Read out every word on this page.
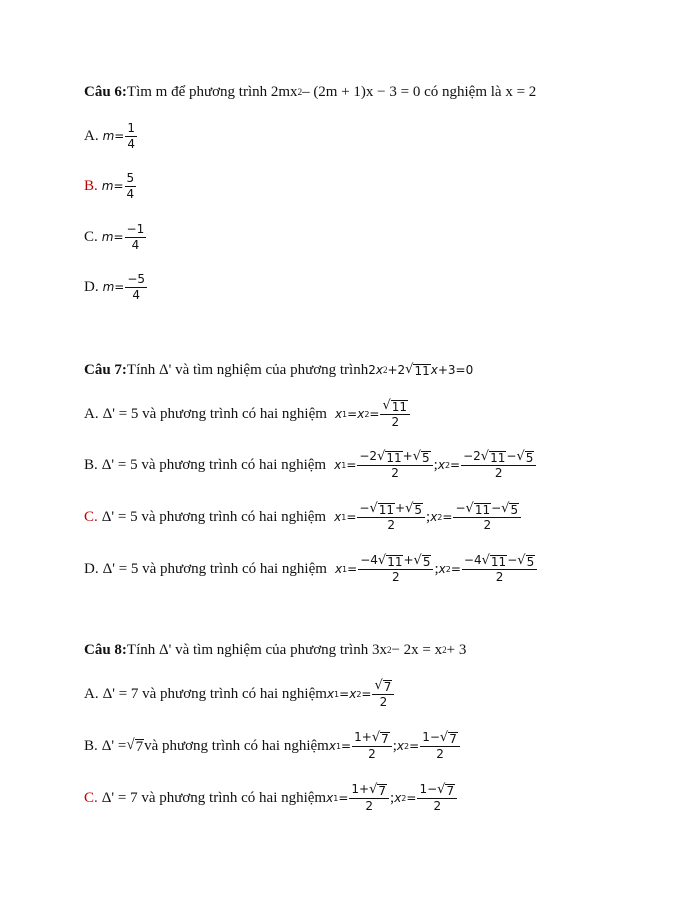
Câu 6: Tìm m để phương trình 2mx 2 – (2m + 1)x − 3 = 0 có nghiệm là x = 2
A. $m = \frac{1}{4}$
B. $m = \frac{5}{4}$
C. $m = \frac{-1}{4}$
D. $m = \frac{-5}{4}$
Câu 7: Tính Δ' và tìm nghiệm của phương trình 2 x 2 +2 √ 11 x +3=0
A. Δ' = 5 và phương trình có hai nghiệm x 1 = x $2 = \frac{√ 11}{2}$
B. Δ' = 5 và phương trình có hai nghiệm x $1 = \frac{-2 √ 11 + √ 5}{2}$ ; x $2 = \frac{-2 √ 11 - √ 5}{2}$
C. Δ' = 5 và phương trình có hai nghiệm x $1 = \frac{- √ 11 + √ 5}{2}$ ; x $2 = \frac{- √ 11 - √ 5}{2}$
D. Δ' = 5 và phương trình có hai nghiệm x $1 = \frac{-4 √ 11 + √ 5}{2}$ ; x $2 = \frac{-4 √ 11 - √ 5}{2}$
Câu 8: Tính Δ' và tìm nghiệm của phương trình 3x 2 − 2x = x 2 + 3
A. Δ' = 7 và phương trình có hai nghiệm x 1 = x $2 = \frac{√ 7}{2}$
B. Δ' = √ 7 và phương trình có hai nghiệm x $1 = \frac{1+ √ 7}{2}$ ; x $2 = \frac{1- √ 7}{2}$
C. Δ' = 7 và phương trình có hai nghiệm x $1 = \frac{1+ √ 7}{2}$ ; x $2 = \frac{1- √ 7}{2}$
